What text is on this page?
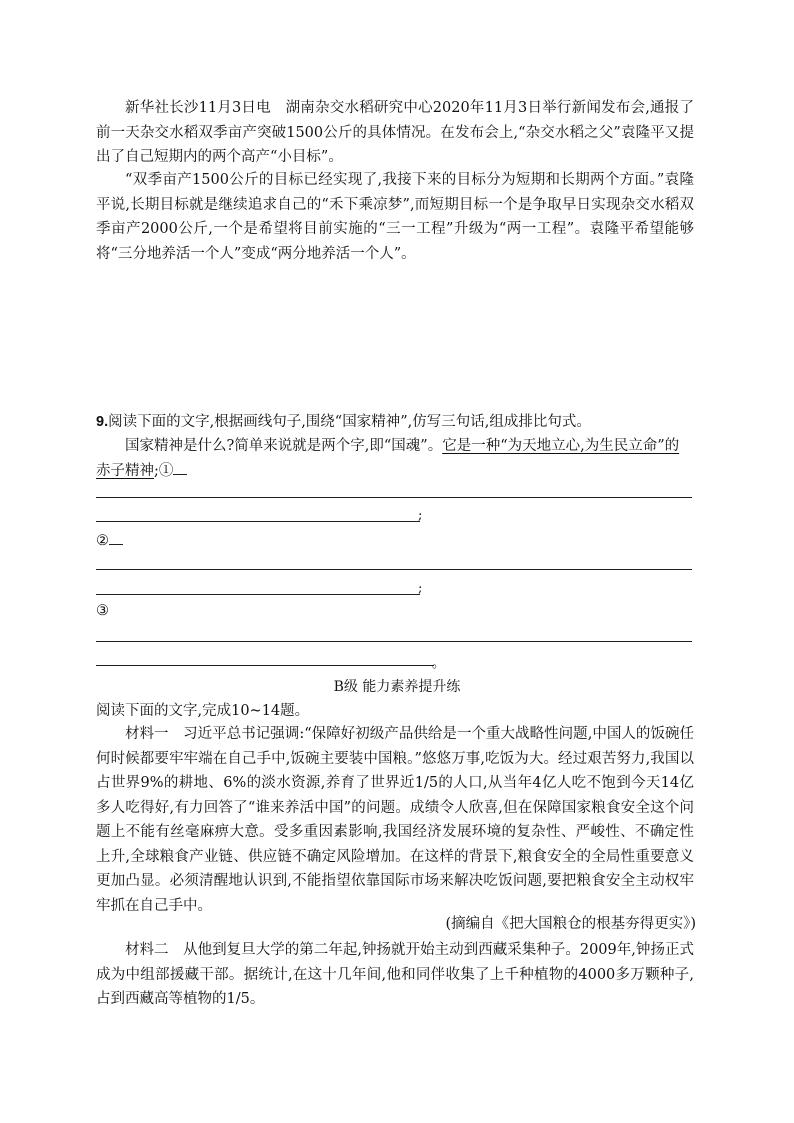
新华社长沙11月3日电　湖南杂交水稻研究中心2020年11月3日举行新闻发布会,通报了前一天杂交水稻双季亩产突破1500公斤的具体情况。在发布会上,“杂交水稻之父”袁隆平又提出了自己短期内的两个高产“小目标”。

“双季亩产1500公斤的目标已经实现了,我接下来的目标分为短期和长期两个方面。”袁隆平说,长期目标就是继续追求自己的“禾下乘凉梦”,而短期目标一个是争取早日实现杂交水稻双季亩产2000公斤,一个是希望将目前实施的“三一工程”升级为“两一工程”。袁隆平希望能够将“三分地养活一个人”变成“两分地养活一个人”。

9.阅读下面的文字,根据画线句子,围绕“国家精神”,仿写三句话,组成排比句式。

国家精神是什么?简单来说就是两个字,即“国魂”。它是一种“为天地立心,为生民立命”的
赤子精神;①

;
②
;
③
。
B级 能力素养提升练

阅读下面的文字,完成10~14题。

材料一　习近平总书记强调:“保障好初级产品供给是一个重大战略性问题,中国人的饭碗任何时候都要牢牢端在自己手中,饭碗主要装中国粮。”悠悠万事,吃饭为大。经过艰苦努力,我国以占世界9%的耕地、6%的淡水资源,养育了世界近1/5的人口,从当年4亿人吃不饱到今天14亿多人吃得好,有力回答了“谁来养活中国”的问题。成绩令人欣喜,但在保障国家粮食安全这个问题上不能有丝毫麻痹大意。受多重因素影响,我国经济发展环境的复杂性、严峻性、不确定性上升,全球粮食产业链、供应链不确定风险增加。在这样的背景下,粮食安全的全局性重要意义更加凸显。必须清醒地认识到,不能指望依靠国际市场来解决吃饭问题,要把粮食安全主动权牢牢抓在自己手中。

(摘编自《把大国粮仓的根基夯得更实》)

材料二　从他到复旦大学的第二年起,钟扬就开始主动到西藏采集种子。2009年,钟扬正式成为中组部援藏干部。据统计,在这十几年间,他和同伴收集了上千种植物的4000多万颗种子,占到西藏高等植物的1/5。
